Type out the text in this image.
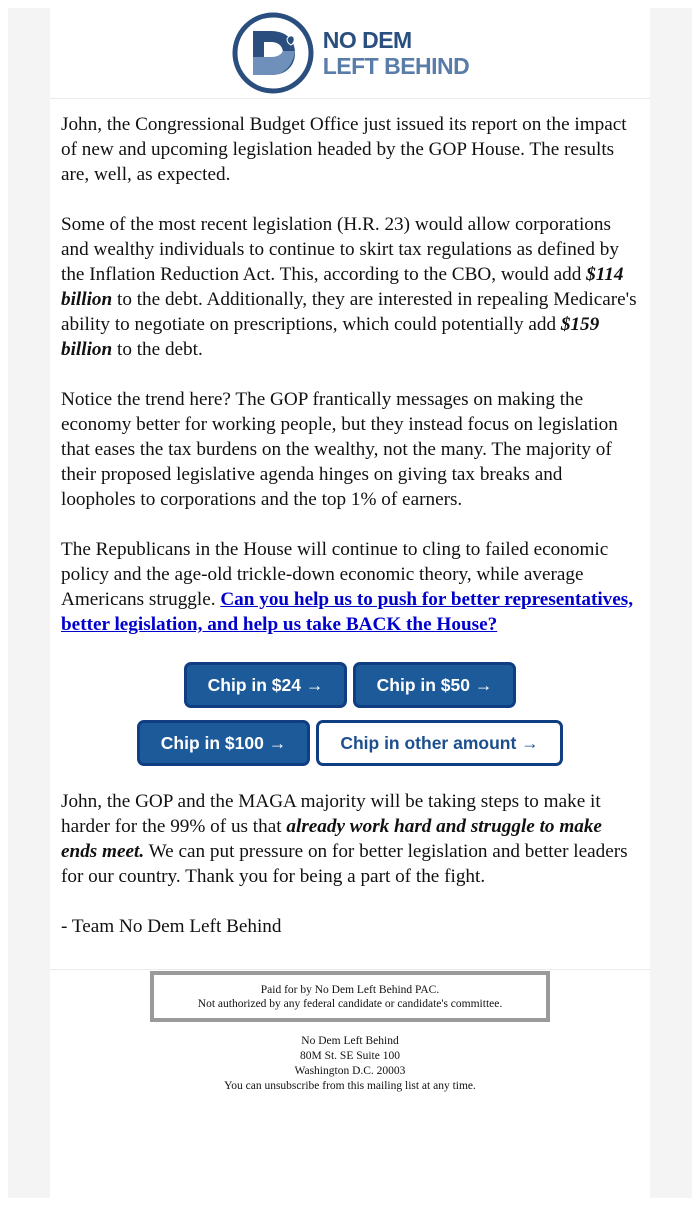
NO DEM
LEFT BEHIND

John, the Congressional Budget Office just issued its report on the impact of new and upcoming legislation headed by the GOP House. The results are, well, as expected.

Some of the most recent legislation (H.R. 23) would allow corporations and wealthy individuals to continue to skirt tax regulations as defined by the Inflation Reduction Act. This, according to the CBO, would add $114 billion to the debt. Additionally, they are interested in repealing Medicare's ability to negotiate on prescriptions, which could potentially add $159 billion to the debt.

Notice the trend here? The GOP frantically messages on making the economy better for working people, but they instead focus on legislation that eases the tax burdens on the wealthy, not the many. The majority of their proposed legislative agenda hinges on giving tax breaks and loopholes to corporations and the top 1% of earners.

The Republicans in the House will continue to cling to failed economic policy and the age-old trickle-down economic theory, while average Americans struggle. Can you help us to push for better representatives, better legislation, and help us take BACK the House?

Chip in $24 →	Chip in $50 →
Chip in $100 →	Chip in other amount →

John, the GOP and the MAGA majority will be taking steps to make it harder for the 99% of us that already work hard and struggle to make ends meet. We can put pressure on for better legislation and better leaders for our country. Thank you for being a part of the fight.

- Team No Dem Left Behind

Paid for by No Dem Left Behind PAC.
Not authorized by any federal candidate or candidate's committee.
No Dem Left Behind
80M St. SE Suite 100
Washington D.C. 20003
You can unsubscribe from this mailing list at any time.
